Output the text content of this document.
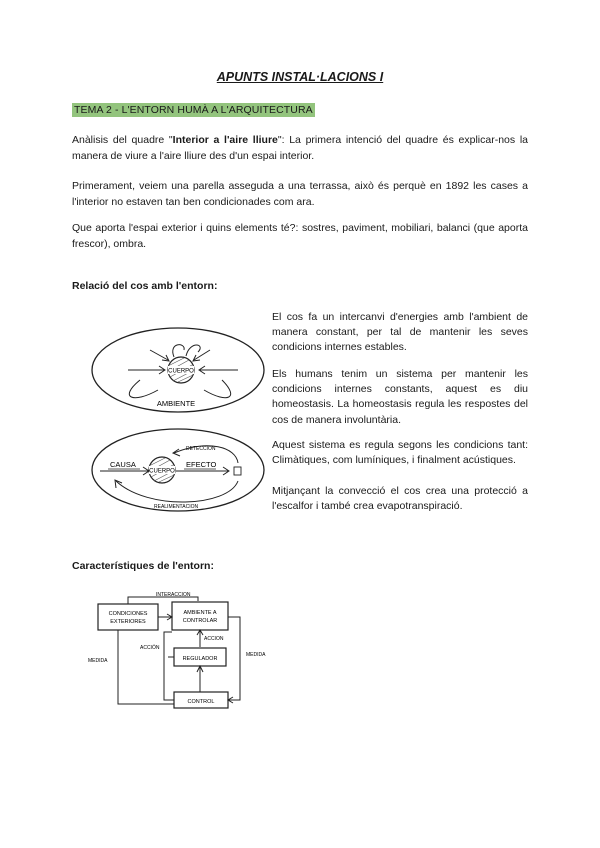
APUNTS INSTAL·LACIONS I
TEMA 2 - L'ENTORN HUMÀ A L'ARQUITECTURA
Anàlisis del quadre "Interior a l'aire lliure": La primera intenció del quadre és explicar-nos la manera de viure a l'aire lliure des d'un espai interior.
Primerament, veiem una parella asseguda a una terrassa, això és perquè en 1892 les cases a l'interior no estaven tan ben condicionades com ara.
Que aporta l'espai exterior i quins elements té?: sostres, paviment, mobiliari, balanci (que aporta frescor), ombra.
Relació del cos amb l'entorn:
El cos fa un intercanvi d'energies amb l'ambient de manera constant, per tal de mantenir les seves condicions internes estables.
Els humans tenim un sistema per mantenir les condicions internes constants, aquest es diu homeostasis. La homeostasis regula les respostes del cos de manera involuntària.
Aquest sistema es regula segons les condicions tant: Climàtiques, com lumíniques, i finalment acústiques.
Mitjançant la convecció el cos crea una protecció a l'escalfor i també crea evapotranspiració.
CUERPO
AMBIENTE
CUERPO
CAUSA	EFECTO
DETECCION
REALIMENTACION
Característiques de l'entorn:
CONDICIONES
EXTERIORES
AMBIENTE A
CONTROLAR
INTERACCION
ACCION
ACCIÓN
REGULADOR
CONTROL
MEDIDA
MEDIDA
